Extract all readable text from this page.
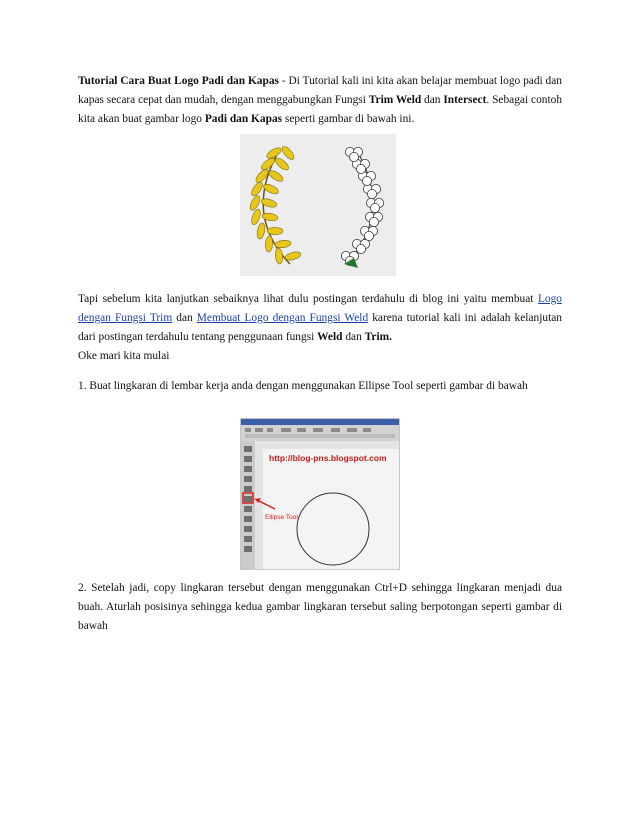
Tutorial Cara Buat Logo Padi dan Kapas - Di Tutorial kali ini kita akan belajar membuat logo padi dan kapas secara cepat dan mudah, dengan menggabungkan Fungsi Trim Weld dan Intersect. Sebagai contoh kita akan buat gambar logo Padi dan Kapas seperti gambar di bawah ini.

Tapi sebelum kita lanjutkan sebaiknya lihat dulu postingan terdahulu di blog ini yaitu membuat Logo dengan Fungsi Trim dan Membuat Logo dengan Fungsi Weld karena tutorial kali ini adalah kelanjutan dari postingan terdahulu tentang penggunaan fungsi Weld dan Trim.

Oke mari kita mulai

1. Buat lingkaran di lembar kerja anda dengan menggunakan Ellipse Tool seperti gambar di bawah

http://blog-pns.blogspot.com
Ellipse Tool

2. Setelah jadi, copy lingkaran tersebut dengan menggunakan Ctrl+D sehingga lingkaran menjadi dua buah. Aturlah posisinya sehingga kedua gambar lingkaran tersebut saling berpotongan seperti gambar di bawah
